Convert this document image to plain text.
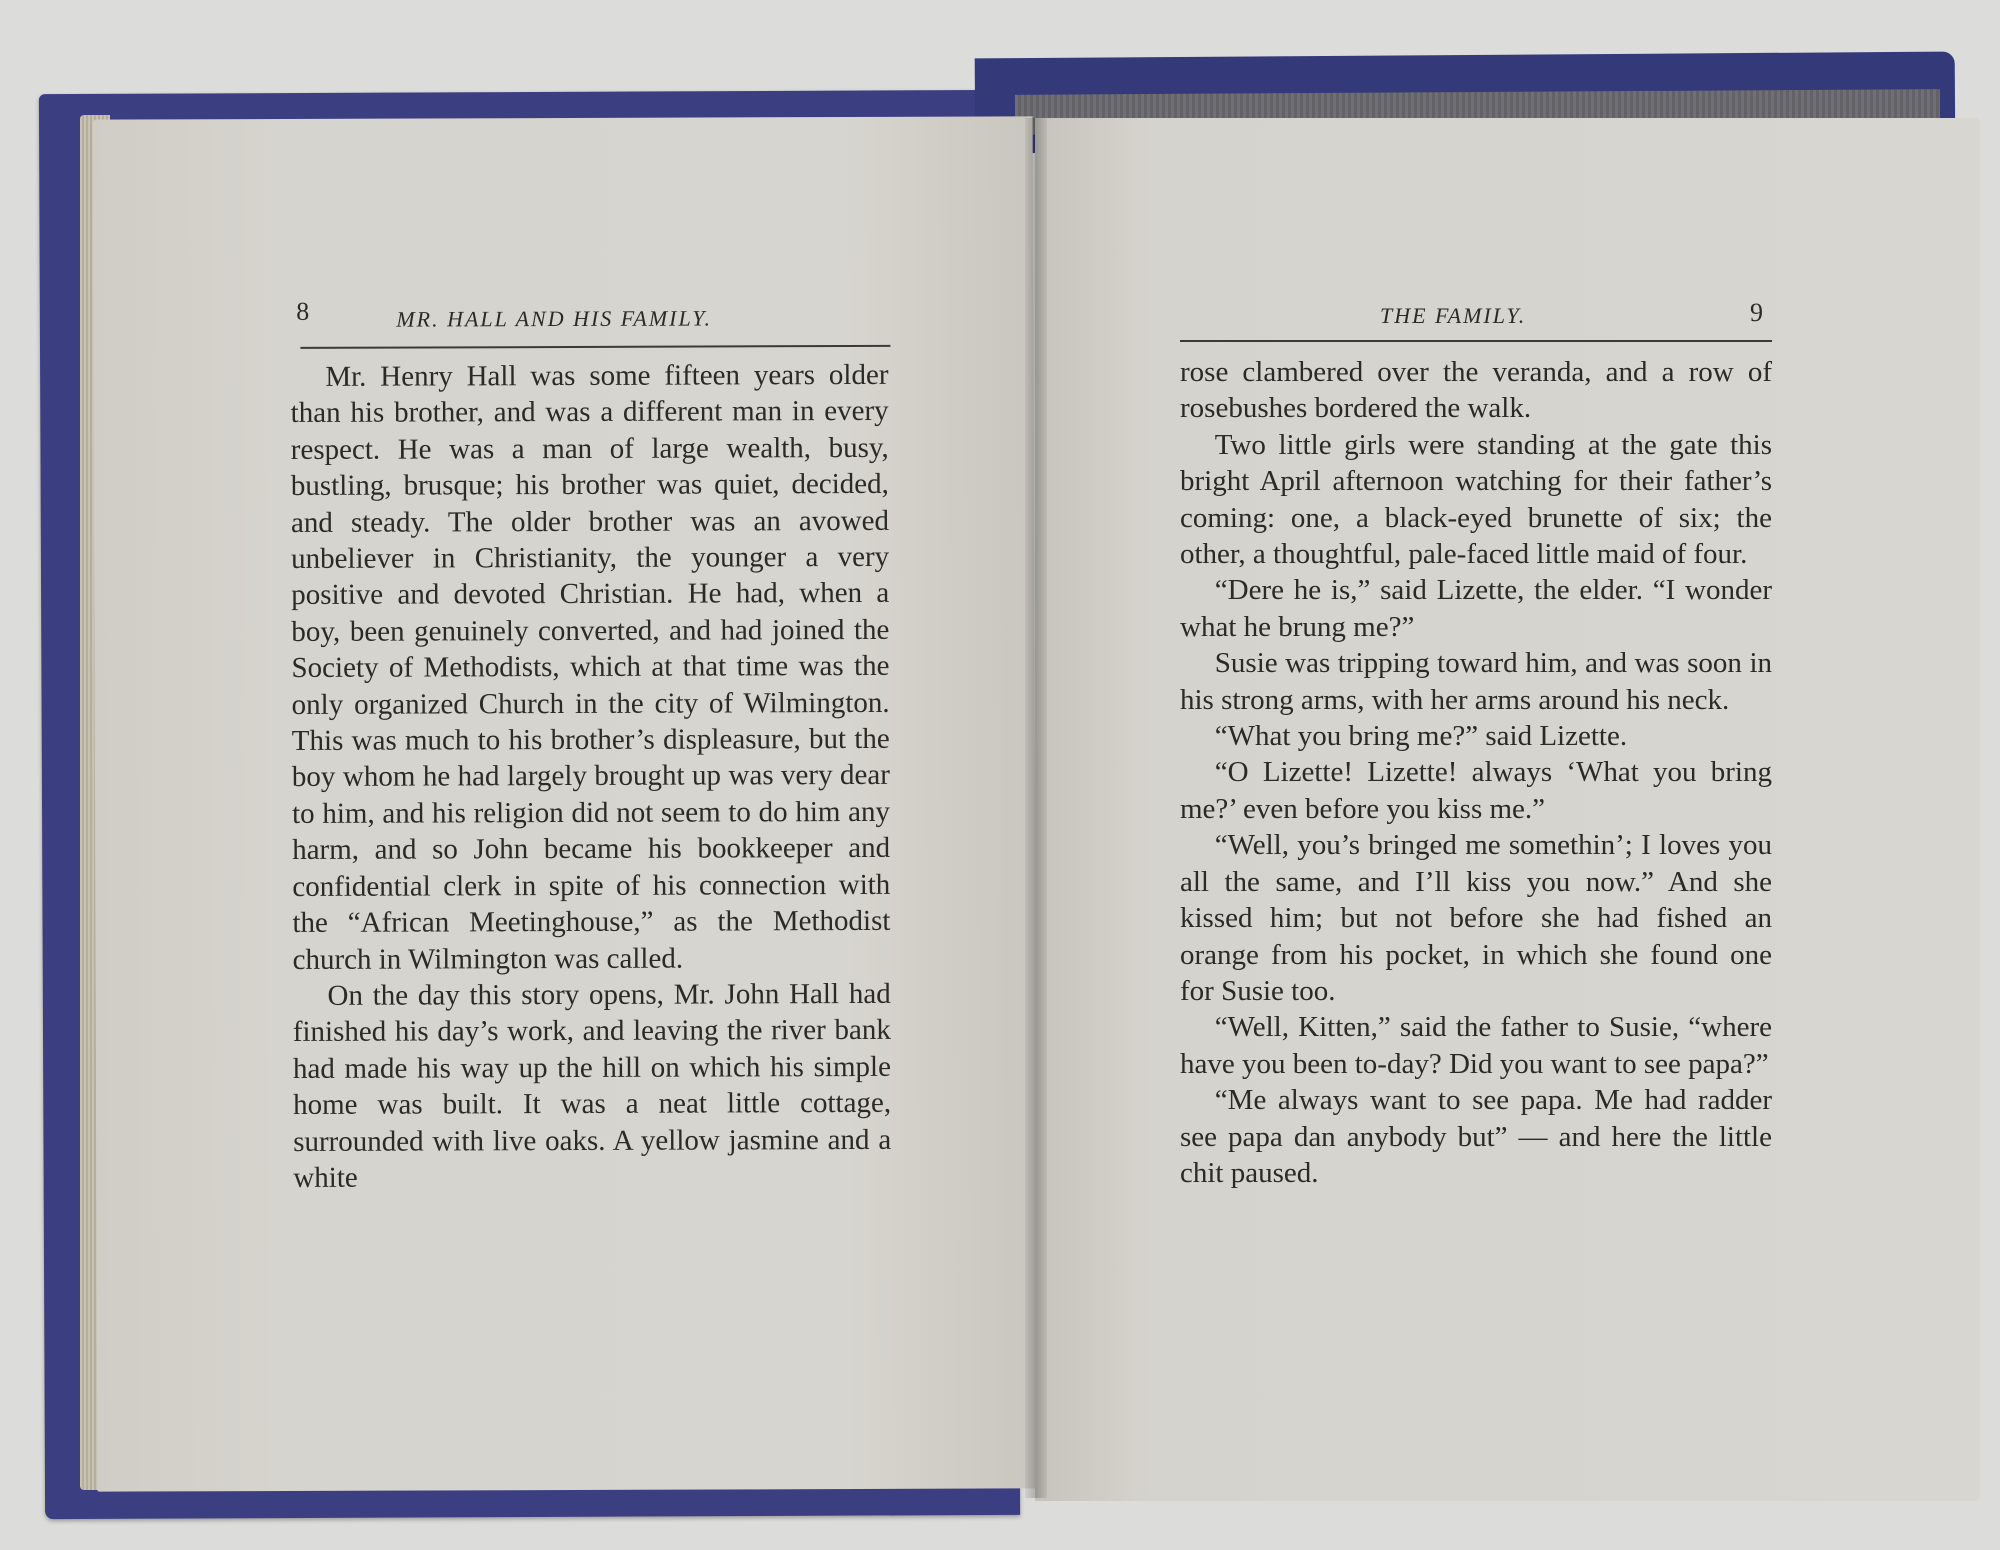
8	MR. HALL AND HIS FAMILY.

Mr. Henry Hall was some fifteen years older than his brother, and was a different man in every respect. He was a man of large wealth, busy, bustling, brusque; his brother was quiet, decided, and steady. The older brother was an avowed unbeliever in Christianity, the younger a very positive and devoted Christian. He had, when a boy, been genuinely converted, and had joined the Society of Methodists, which at that time was the only organized Church in the city of Wilmington. This was much to his brother’s displeasure, but the boy whom he had largely brought up was very dear to him, and his religion did not seem to do him any harm, and so John became his bookkeeper and confidential clerk in spite of his connection with the “African Meetinghouse,” as the Methodist church in Wilmington was called.

On the day this story opens, Mr. John Hall had finished his day’s work, and leaving the river bank had made his way up the hill on which his simple home was built. It was a neat little cottage, surrounded with live oaks. A yellow jasmine and a white

THE FAMILY.	9

rose clambered over the veranda, and a row of rosebushes bordered the walk.

Two little girls were standing at the gate this bright April afternoon watching for their father’s coming: one, a black-eyed brunette of six; the other, a thoughtful, pale-faced little maid of four.

“Dere he is,” said Lizette, the elder. “I wonder what he brung me?”

Susie was tripping toward him, and was soon in his strong arms, with her arms around his neck.

“What you bring me?” said Lizette.

“O Lizette! Lizette! always ‘What you bring me?’ even before you kiss me.”

“Well, you’s bringed me somethin’; I loves you all the same, and I’ll kiss you now.” And she kissed him; but not before she had fished an orange from his pocket, in which she found one for Susie too.

“Well, Kitten,” said the father to Susie, “where have you been to-day? Did you want to see papa?”

“Me always want to see papa. Me had radder see papa dan anybody but” — and here the little chit paused.
